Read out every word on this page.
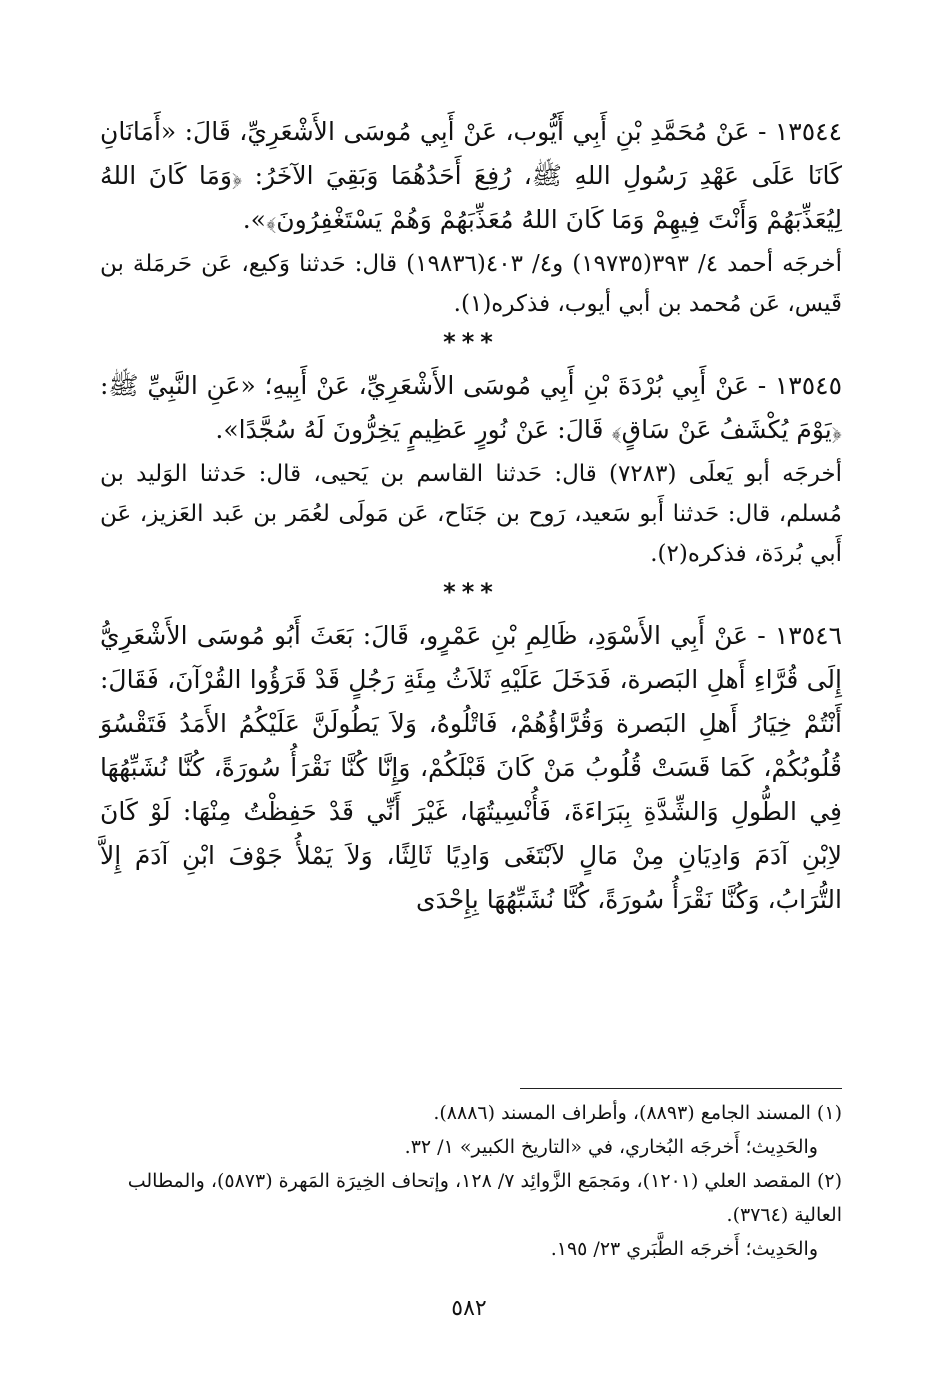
١٣٥٤٤ - عَنْ مُحَمَّدِ بْنِ أَبِي أَيُّوب، عَنْ أَبِي مُوسَى الأَشْعَرِيِّ، قَالَ: «أَمَانَانِ كَانَا عَلَى عَهْدِ رَسُولِ اللهِ ﷺ، رُفِعَ أَحَدُهُمَا وَبَقِيَ الآخَرُ: ﴿وَمَا كَانَ اللهُ لِيُعَذِّبَهُمْ وَأَنْتَ فِيهِمْ وَمَا كَانَ اللهُ مُعَذِّبَهُمْ وَهُمْ يَسْتَغْفِرُونَ﴾».

أخرجَه أحمد ٤/ ٣٩٣(١٩٧٣٥) و٤/ ٤٠٣(١٩٨٣٦) قال: حَدثنا وَكيع، عَن حَرمَلة بن قَيس، عَن مُحمد بن أبي أيوب، فذكره(١).

***

١٣٥٤٥ - عَنْ أَبِي بُرْدَةَ بْنِ أَبِي مُوسَى الأَشْعَرِيِّ، عَنْ أَبِيهِ؛ «عَنِ النَّبِيِّ ﷺ: ﴿يَوْمَ يُكْشَفُ عَنْ سَاقٍ﴾ قَالَ: عَنْ نُورٍ عَظِيمٍ يَخِرُّونَ لَهُ سُجَّدًا».

أخرجَه أبو يَعلَى (٧٢٨٣) قال: حَدثنا القاسم بن يَحيى، قال: حَدثنا الوَليد بن مُسلم، قال: حَدثنا أَبو سَعيد، رَوح بن جَنَاح، عَن مَولَى لعُمَر بن عَبد العَزيز، عَن أَبي بُردَة، فذكره(٢).

***

١٣٥٤٦ - عَنْ أَبِي الأَسْوَدِ، ظَالِمِ بْنِ عَمْرٍو، قَالَ: بَعَثَ أَبُو مُوسَى الأَشْعَرِيُّ إِلَى قُرَّاءِ أَهلِ البَصرة، فَدَخَلَ عَلَيْهِ ثَلاَثُ مِئَةِ رَجُلٍ قَدْ قَرَؤُوا القُرْآنَ، فَقَالَ: أَنْتُمْ خِيَارُ أَهلِ البَصرة وَقُرَّاؤُهُمْ، فَاتْلُوهُ، وَلاَ يَطُولَنَّ عَلَيْكُمُ الأَمَدُ فَتَقْسُوَ قُلُوبُكُمْ، كَمَا قَسَتْ قُلُوبُ مَنْ كَانَ قَبْلَكُمْ، وَإِنَّا كُنَّا نَقْرَأُ سُورَةً، كُنَّا نُشَبِّهُهَا فِي الطُّولِ وَالشِّدَّةِ بِبَرَاءَةَ، فَأُنْسِيتُهَا، غَيْرَ أَنِّي قَدْ حَفِظْتُ مِنْهَا: لَوْ كَانَ لاِبْنِ آدَمَ وَادِيَانِ مِنْ مَالٍ لاَبْتَغَى وَادِيًا ثَالِثًا، وَلاَ يَمْلأُ جَوْفَ ابْنِ آدَمَ إِلاَّ التُّرَابُ، وَكُنَّا نَقْرَأُ سُورَةً، كُنَّا نُشَبِّهُهَا بِإِحْدَى

(١) المسند الجامع (٨٨٩٣)، وأطراف المسند (٨٨٨٦).

والحَدِيث؛ أَخرجَه البُخاري، في «التاريخ الكبير» ١/ ٣٢.

(٢) المقصد العلي (١٢٠١)، ومَجمَع الزَّوائِد ٧/ ١٢٨، وإتحاف الخِيرَة المَهرة (٥٨٧٣)، والمطالب العالية (٣٧٦٤).

والحَدِيث؛ أَخرجَه الطَّبَري ٢٣/ ١٩٥.

٥٨٢
